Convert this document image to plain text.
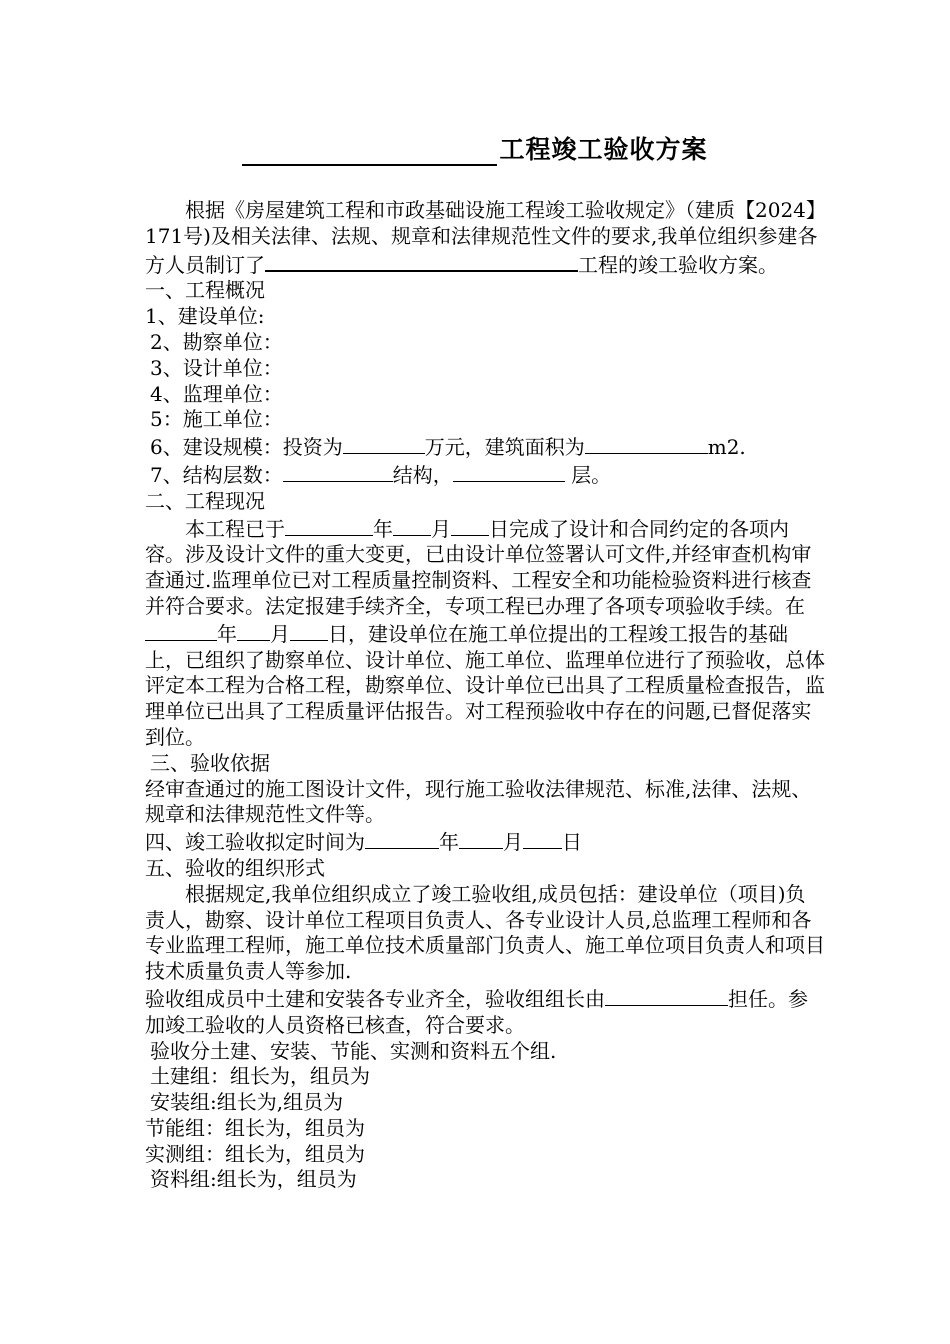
工程竣工验收方案

根据《房屋建筑工程和市政基础设施工程竣工验收规定》（建质【2024】171号)及相关法律、法规、规章和法律规范性文件的要求,我单位组织参建各方人员制订了	工程的竣工验收方案。

一、工程概况

1、建设单位:

2、勘察单位：

3、设计单位：

4、监理单位：

5：施工单位：

6、建设规模：投资为	万元，建筑面积为	m2.

7、结构层数：	结构，	层。

二、工程现况

本工程已于	年 月 日完成了设计和合同约定的各项内容。涉及设计文件的重大变更，已由设计单位签署认可文件,并经审查机构审查通过.监理单位已对工程质量控制资料、工程安全和功能检验资料进行核查并符合要求。法定报建手续齐全，专项工程已办理了各项专项验收手续。在年 月 日，建设单位在施工单位提出的工程竣工报告的基础上，已组织了勘察单位、设计单位、施工单位、监理单位进行了预验收，总体评定本工程为合格工程，勘察单位、设计单位已出具了工程质量检查报告，监理单位已出具了工程质量评估报告。对工程预验收中存在的问题,已督促落实到位。

三、验收依据

经审查通过的施工图设计文件，现行施工验收法律规范、标准,法律、法规、规章和法律规范性文件等。

四、竣工验收拟定时间为	年 月 日

五、验收的组织形式

根据规定,我单位组织成立了竣工验收组,成员包括：建设单位（项目)负责人，勘察、设计单位工程项目负责人、各专业设计人员,总监理工程师和各专业监理工程师，施工单位技术质量部门负责人、施工单位项目负责人和项目技术质量负责人等参加.

验收组成员中土建和安装各专业齐全，验收组组长由	担任。参加竣工验收的人员资格已核查，符合要求。

验收分土建、安装、节能、实测和资料五个组.

土建组：组长为，组员为

安装组:组长为,组员为

节能组：组长为，组员为

实测组：组长为，组员为

资料组:组长为，组员为
